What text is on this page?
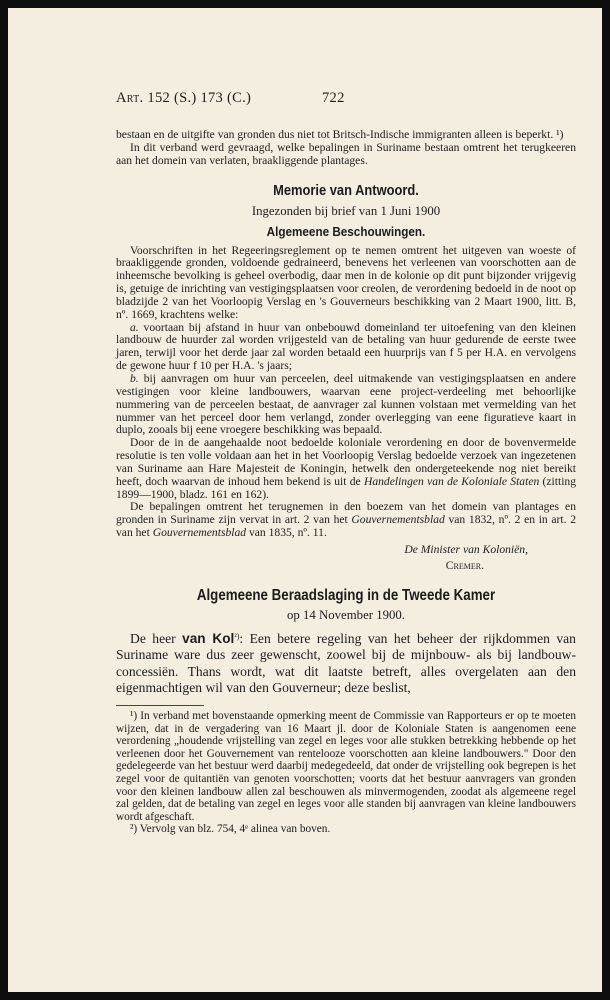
Art. 152 (S.) 173 (C.)	722

bestaan en de uitgifte van gronden dus niet tot Britsch-Indische immigranten alleen is beperkt. ¹)

In dit verband werd gevraagd, welke bepalingen in Suriname bestaan omtrent het terugkeeren aan het domein van verlaten, braakliggende plantages.

Memorie van Antwoord.
Ingezonden bij brief van 1 Juni 1900
Algemeene Beschouwingen.

Voorschriften in het Regeeringsreglement op te nemen omtrent het uitgeven van woeste of braakliggende gronden, voldoende gedraineerd, benevens het verleenen van voorschotten aan de inheemsche bevolking is geheel overbodig, daar men in de kolonie op dit punt bijzonder vrijgevig is, getuige de inrichting van vestigingsplaatsen voor creolen, de verordening bedoeld in de noot op bladzijde 2 van het Voorloopig Verslag en 's Gouverneurs beschikking van 2 Maart 1900, litt. B, nº. 1669, krachtens welke:

a. voortaan bij afstand in huur van onbebouwd domeinland ter uitoefening van den kleinen landbouw de huurder zal worden vrijgesteld van de betaling van huur gedurende de eerste twee jaren, terwijl voor het derde jaar zal worden betaald een huurprijs van f 5 per H.A. en vervolgens de gewone huur f 10 per H.A. 's jaars;

b. bij aanvragen om huur van perceelen, deel uitmakende van vestigingsplaatsen en andere vestigingen voor kleine landbouwers, waarvan eene project-verdeeling met behoorlijke nummering van de perceelen bestaat, de aanvrager zal kunnen volstaan met vermelding van het nummer van het perceel door hem verlangd, zonder overlegging van eene figuratieve kaart in duplo, zooals bij eene vroegere beschikking was bepaald.

Door de in de aangehaalde noot bedoelde koloniale verordening en door de bovenvermelde resolutie is ten volle voldaan aan het in het Voorloopig Verslag bedoelde verzoek van ingezetenen van Suriname aan Hare Majesteit de Koningin, hetwelk den ondergeteekende nog niet bereikt heeft, doch waarvan de inhoud hem bekend is uit de Handelingen van de Koloniale Staten (zitting 1899—1900, bladz. 161 en 162).

De bepalingen omtrent het terugnemen in den boezem van het domein van plantages en gronden in Suriname zijn vervat in art. 2 van het Gouvernementsblad van 1832, nº. 2 en in art. 2 van het Gouvernementsblad van 1835, nº. 11.

De Minister van Koloniën,
Cremer.
Algemeene Beraadslaging in de Tweede Kamer
op 14 November 1900.

De heer van Kol$^{^2)}$: Een betere regeling van het beheer der rijkdommen van Suriname ware dus zeer gewenscht, zoowel bij de mijnbouw- als bij landbouw-concessiën. Thans wordt, wat dit laatste betreft, alles overgelaten aan den eigenmachtigen wil van den Gouverneur; deze beslist,

¹) In verband met bovenstaande opmerking meent de Commissie van Rapporteurs er op te moeten wijzen, dat in de vergadering van 16 Maart jl. door de Koloniale Staten is aangenomen eene verordening „houdende vrijstelling van zegel en leges voor alle stukken betrekking hebbende op het verleenen door het Gouvernement van rentelooze voorschotten aan kleine landbouwers." Door den gedelegeerde van het bestuur werd daarbij medegedeeld, dat onder de vrijstelling ook begrepen is het zegel voor de quitantiën van genoten voorschotten; voorts dat het bestuur aanvragers van gronden voor den kleinen landbouw allen zal beschouwen als minvermogenden, zoodat als algemeene regel zal gelden, dat de betaling van zegel en leges voor alle standen bij aanvragen van kleine landbouwers wordt afgeschaft.

²) Vervolg van blz. 754, 4ᵉ alinea van boven.
